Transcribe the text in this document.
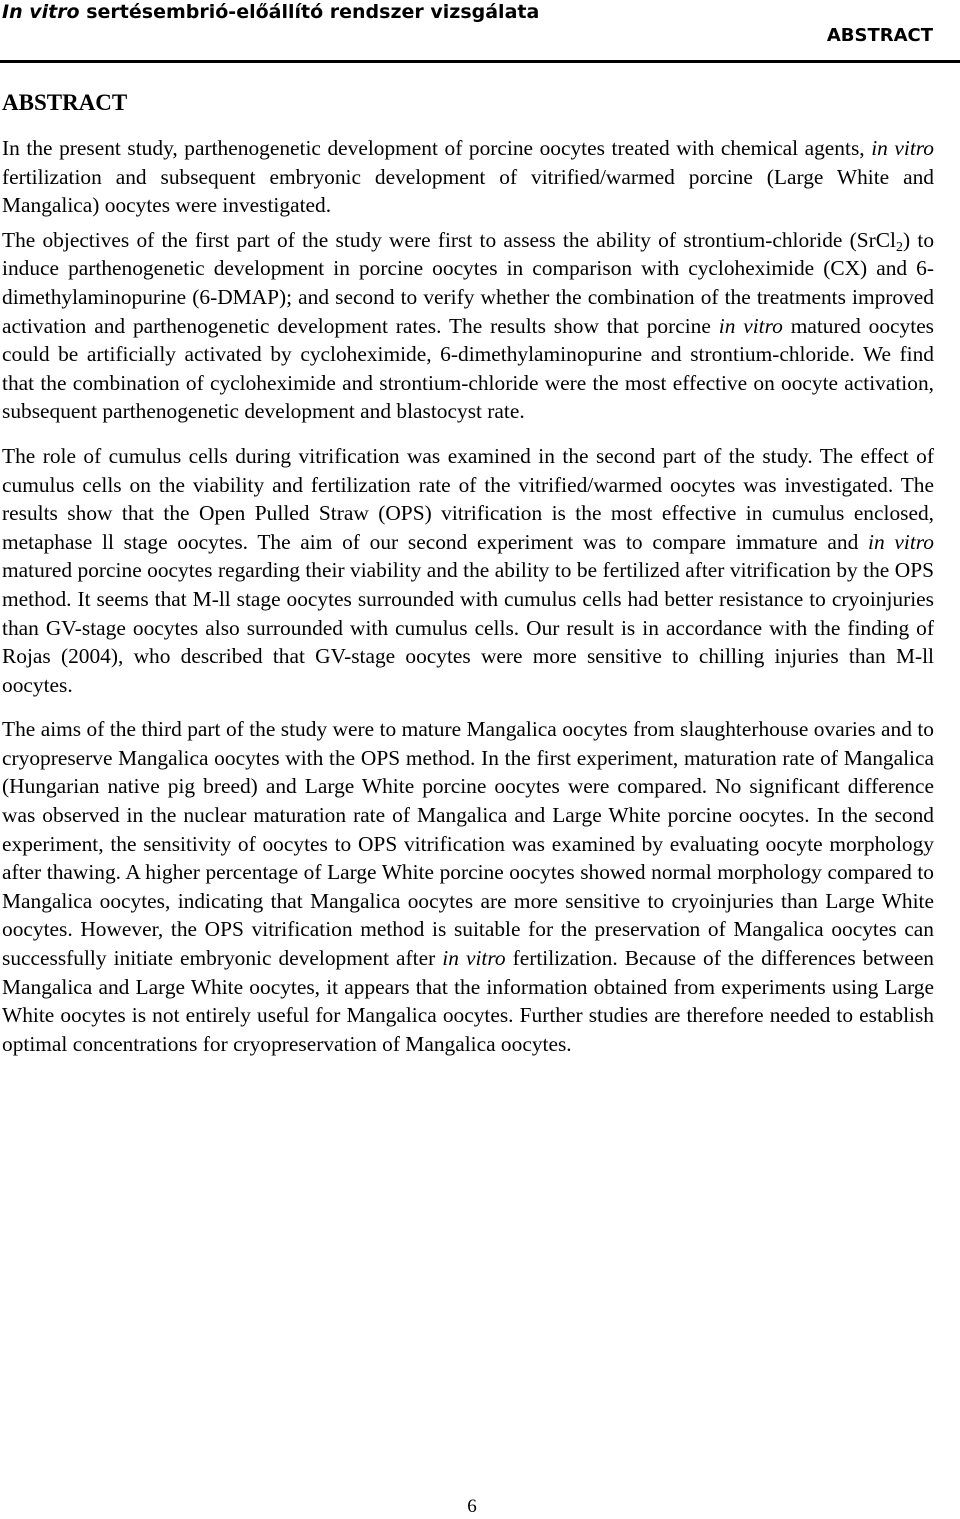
In vitro sertésembrió-előállító rendszer vizsgálata
ABSTRACT
ABSTRACT

In the present study, parthenogenetic development of porcine oocytes treated with chemical agents, in vitro fertilization and subsequent embryonic development of vitrified/warmed porcine (Large White and Mangalica) oocytes were investigated.

The objectives of the first part of the study were first to assess the ability of strontium-chloride (SrCl$_2$) to induce parthenogenetic development in porcine oocytes in comparison with cycloheximide (CX) and 6-dimethylaminopurine (6-DMAP); and second to verify whether the combination of the treatments improved activation and parthenogenetic development rates. The results show that porcine in vitro matured oocytes could be artificially activated by cycloheximide, 6-dimethylaminopurine and strontium-chloride. We find that the combination of cycloheximide and strontium-chloride were the most effective on oocyte activation, subsequent parthenogenetic development and blastocyst rate.

The role of cumulus cells during vitrification was examined in the second part of the study. The effect of cumulus cells on the viability and fertilization rate of the vitrified/warmed oocytes was investigated. The results show that the Open Pulled Straw (OPS) vitrification is the most effective in cumulus enclosed, metaphase ll stage oocytes. The aim of our second experiment was to compare immature and in vitro matured porcine oocytes regarding their viability and the ability to be fertilized after vitrification by the OPS method. It seems that M-ll stage oocytes surrounded with cumulus cells had better resistance to cryoinjuries than GV-stage oocytes also surrounded with cumulus cells. Our result is in accordance with the finding of Rojas (2004), who described that GV-stage oocytes were more sensitive to chilling injuries than M-ll oocytes.

The aims of the third part of the study were to mature Mangalica oocytes from slaughterhouse ovaries and to cryopreserve Mangalica oocytes with the OPS method. In the first experiment, maturation rate of Mangalica (Hungarian native pig breed) and Large White porcine oocytes were compared. No significant difference was observed in the nuclear maturation rate of Mangalica and Large White porcine oocytes. In the second experiment, the sensitivity of oocytes to OPS vitrification was examined by evaluating oocyte morphology after thawing. A higher percentage of Large White porcine oocytes showed normal morphology compared to Mangalica oocytes, indicating that Mangalica oocytes are more sensitive to cryoinjuries than Large White oocytes. However, the OPS vitrification method is suitable for the preservation of Mangalica oocytes can successfully initiate embryonic development after in vitro fertilization. Because of the differences between Mangalica and Large White oocytes, it appears that the information obtained from experiments using Large White oocytes is not entirely useful for Mangalica oocytes. Further studies are therefore needed to establish optimal concentrations for cryopreservation of Mangalica oocytes.

6
